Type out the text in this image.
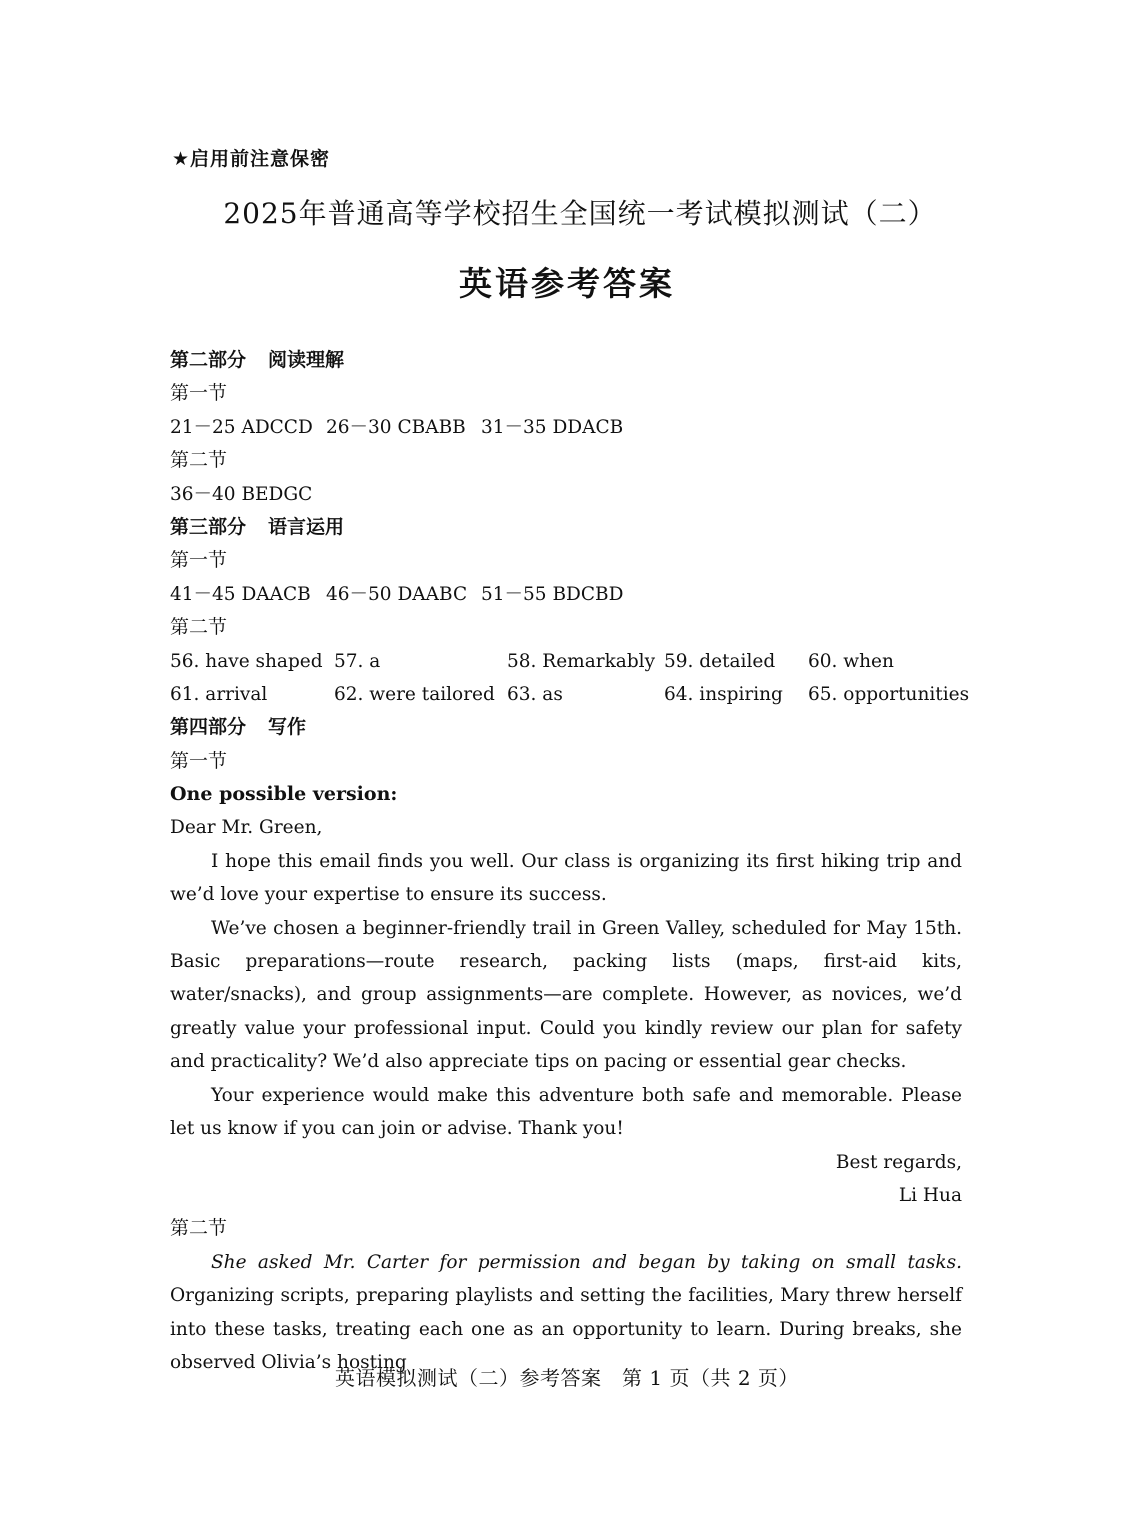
★启用前注意保密
2025年普通高等学校招生全国统一考试模拟测试（二）
英语参考答案
第二部分 阅读理解
第一节
21－25 ADCCD 26－30 CBABB 31－35 DDACB
第二节
36－40 BEDGC
第三部分 语言运用
第一节
41－45 DAACB 46－50 DAABC 51－55 BDCBD
第二节
56. have shaped 57. a	58. Remarkably 59. detailed 60. when
61. arrival	62. were tailored 63. as	64. inspiring 65. opportunities
第四部分 写作
第一节
One possible version:
Dear Mr. Green,

I hope this email finds you well. Our class is organizing its first hiking trip and we’d love your expertise to ensure its success.

We’ve chosen a beginner-friendly trail in Green Valley, scheduled for May 15th. Basic preparations—route research, packing lists (maps, first-aid kits, water/snacks), and group assignments—are complete. However, as novices, we’d greatly value your professional input. Could you kindly review our plan for safety and practicality? We’d also appreciate tips on pacing or essential gear checks.

Your experience would make this adventure both safe and memorable. Please let us know if you can join or advise. Thank you!

Best regards,
Li Hua
第二节

She asked Mr. Carter for permission and began by taking on small tasks. Organizing scripts, preparing playlists and setting the facilities, Mary threw herself into these tasks, treating each one as an opportunity to learn. During breaks, she observed Olivia’s hosting

英语模拟测试（二）参考答案　第 1 页（共 2 页）
